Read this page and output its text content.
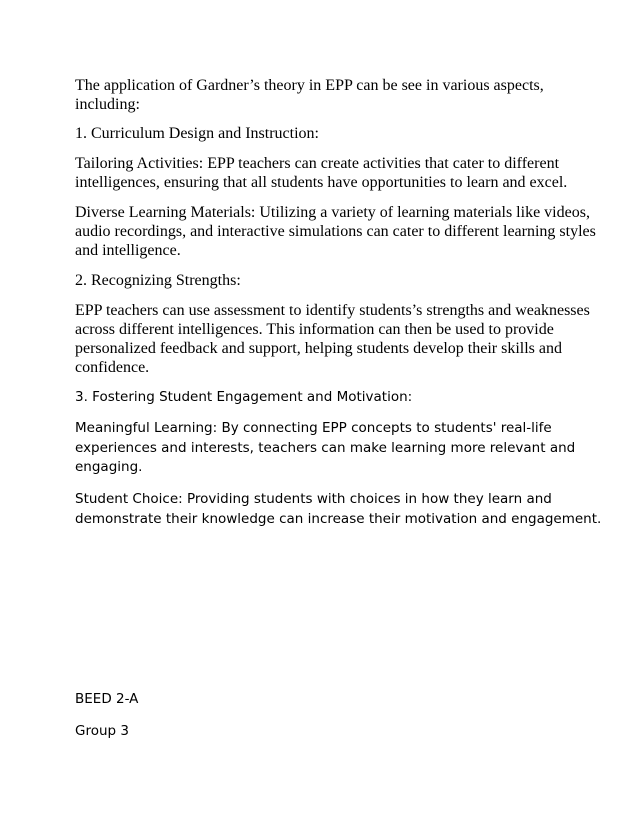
The application of Gardner’s theory in EPP can be see in various aspects,
including:
1. Curriculum Design and Instruction:
Tailoring Activities: EPP teachers can create activities that cater to different
intelligences, ensuring that all students have opportunities to learn and excel.
Diverse Learning Materials: Utilizing a variety of learning materials like videos,
audio recordings, and interactive simulations can cater to different learning styles
and intelligence.
2. Recognizing Strengths:
EPP teachers can use assessment to identify students’s strengths and weaknesses
across different intelligences. This information can then be used to provide
personalized feedback and support, helping students develop their skills and
confidence.
3. Fostering Student Engagement and Motivation:
Meaningful Learning: By connecting EPP concepts to students' real-life
experiences and interests, teachers can make learning more relevant and
engaging.
Student Choice: Providing students with choices in how they learn and
demonstrate their knowledge can increase their motivation and engagement.
BEED 2-A
Group 3
